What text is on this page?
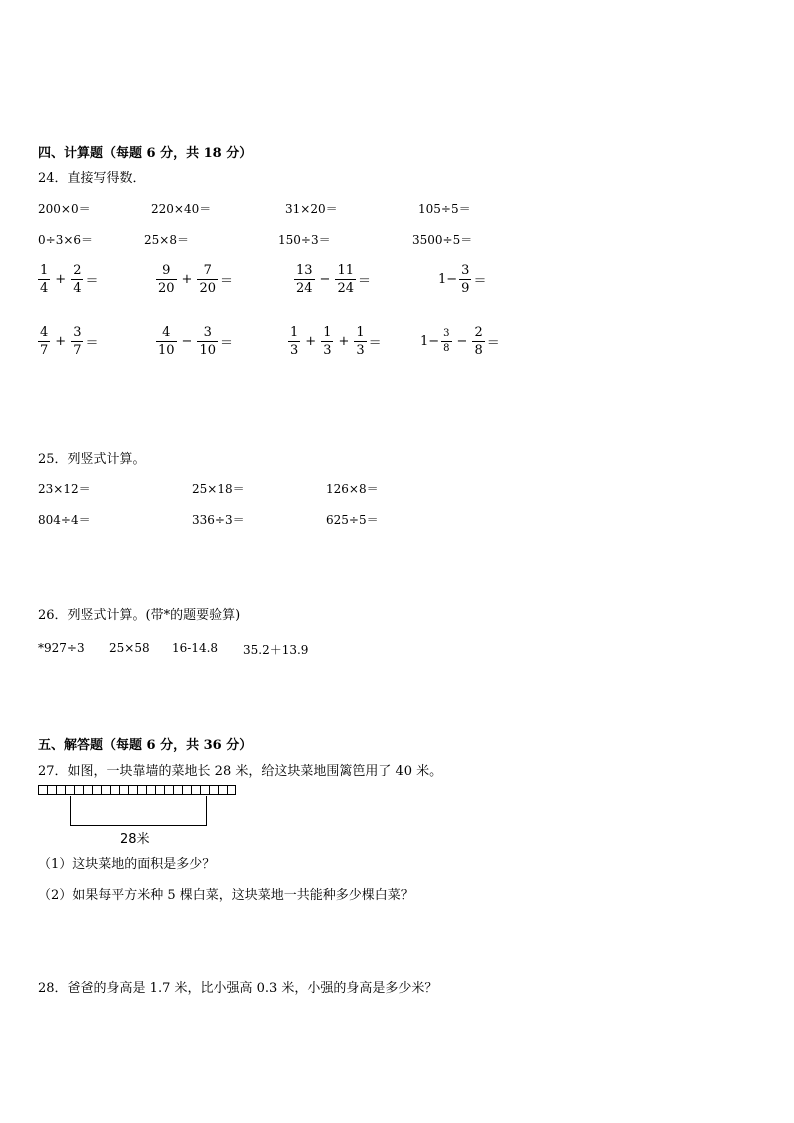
四、计算题（每题 6 分，共 18 分）
24．直接写得数．
200×0＝	220×40＝	31×20＝	105÷5＝
0÷3×6＝	25×8＝	150÷3＝	3500÷5＝
$\frac{1}{4} + \frac{2}{4}$ ＝	$\frac{9}{20} + \frac{7}{20}$ ＝	$\frac{13}{24} - \frac{11}{24}$ ＝	$1- \frac{3}{9}$ ＝
$\frac{4}{7} + \frac{3}{7}$ ＝	$\frac{4}{10} - \frac{3}{10}$ ＝	$\frac{1}{3} + \frac{1}{3} + \frac{1}{3}$ ＝	$1- \frac{3}{8} - \frac{2}{8}$ ＝
25．列竖式计算。
23×12＝	25×18＝	126×8＝
804÷4＝	336÷3＝	625÷5＝
26．列竖式计算。(带*的题要验算)
*927÷3 25×58 16-14.8 35.2＋13.9
五、解答题（每题 6 分，共 36 分）
27．如图，一块靠墙的菜地长 28 米，给这块菜地围篱笆用了 40 米。
28米
（1）这块菜地的面积是多少？
（2）如果每平方米种 5 棵白菜，这块菜地一共能种多少棵白菜？
28．爸爸的身高是 1.7 米，比小强高 0.3 米，小强的身高是多少米？
